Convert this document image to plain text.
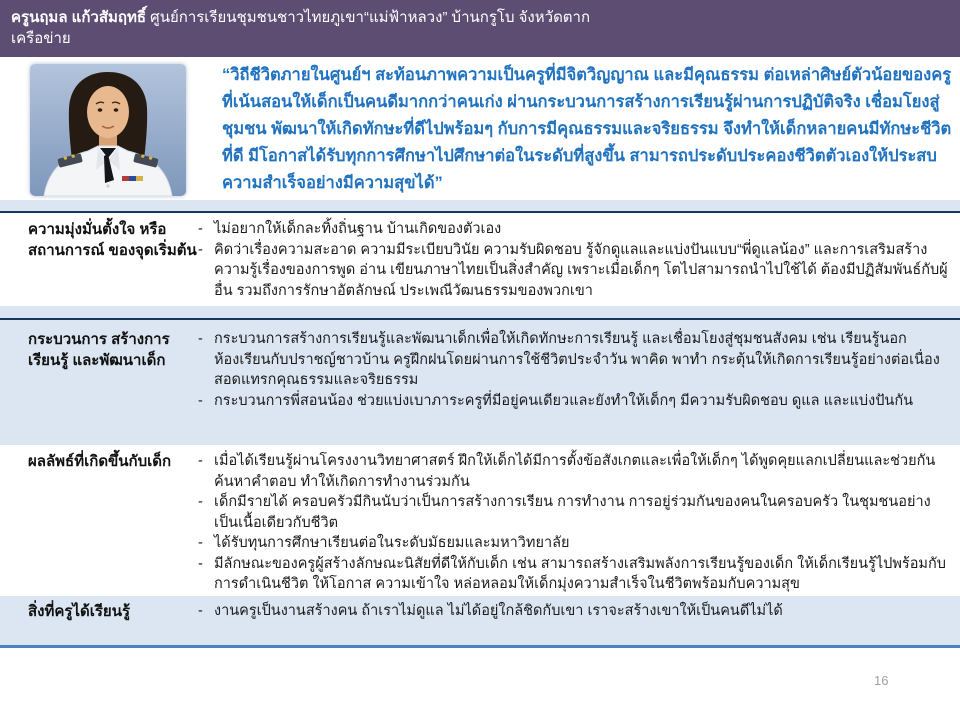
ครูนฤมล แก้วสัมฤทธิ์ ศูนย์การเรียนชุมชนชาวไทยภูเขา“แม่ฟ้าหลวง” บ้านกรูโบ จังหวัดตาก
เครือข่าย
“วิถีชีวิตภายในศูนย์ฯ สะท้อนภาพความเป็นครูที่มีจิตวิญญาณ และมีคุณธรรม ต่อเหล่าศิษย์ตัวน้อยของครู ที่เน้นสอนให้เด็กเป็นคนดีมากกว่าคนเก่ง ผ่านกระบวนการสร้างการเรียนรู้ผ่านการปฏิบัติจริง เชื่อมโยงสู่ชุมชน พัฒนาให้เกิดทักษะที่ดีไปพร้อมๆ กับการมีคุณธรรมและจริยธรรม จึงทำให้เด็กหลายคนมีทักษะชีวิตที่ดี มีโอกาสได้รับทุกการศึกษาไปศึกษาต่อในระดับที่สูงขึ้น สามารถประดับประคองชีวิตตัวเองให้ประสบความสำเร็จอย่างมีความสุขได้”
ความมุ่งมั่นตั้งใจ หรือสถานการณ์ ของจุดเริ่มต้น
- ไม่อยากให้เด็กละทิ้งถิ่นฐาน บ้านเกิดของตัวเอง
- คิดว่าเรื่องความสะอาด ความมีระเบียบวินัย ความรับผิดชอบ รู้จักดูแลและแบ่งปันแบบ“พี่ดูแลน้อง” และการเสริมสร้างความรู้เรื่องของการพูด อ่าน เขียนภาษาไทยเป็นสิ่งสำคัญ เพราะเมื่อเด็กๆ โตไปสามารถนำไปใช้ได้ ต้องมีปฏิสัมพันธ์กับผู้อื่น รวมถึงการรักษาอัตลักษณ์ ประเพณีวัฒนธรรมของพวกเขา
กระบวนการ สร้างการเรียนรู้ และพัฒนาเด็ก
- กระบวนการสร้างการเรียนรู้และพัฒนาเด็กเพื่อให้เกิดทักษะการเรียนรู้ และเชื่อมโยงสู่ชุมชนสังคม เช่น เรียนรู้นอกห้องเรียนกับปราชญ์ชาวบ้าน ครูฝึกฝนโดยผ่านการใช้ชีวิตประจำวัน พาคิด พาทำ กระตุ้นให้เกิดการเรียนรู้อย่างต่อเนื่อง สอดแทรกคุณธรรมและจริยธรรม
- กระบวนการพี่สอนน้อง ช่วยแบ่งเบาภาระครูที่มีอยู่คนเดียวและยังทำให้เด็กๆ มีความรับผิดชอบ ดูแล และแบ่งปันกัน
ผลลัพธ์ที่เกิดขึ้นกับเด็ก	- เมื่อได้เรียนรู้ผ่านโครงงานวิทยาศาสตร์ ฝึกให้เด็กได้มีการตั้งข้อสังเกตและเพื่อให้เด็กๆ ได้พูดคุยแลกเปลี่ยนและช่วยกันค้นหาคำตอบ ทำให้เกิดการทำงานร่วมกัน
- เด็กมีรายได้ ครอบครัวมีกินนับว่าเป็นการสร้างการเรียน การทำงาน การอยู่ร่วมกันของคนในครอบครัว ในชุมชนอย่างเป็นเนื้อเดียวกับชีวิต
- ได้รับทุนการศึกษาเรียนต่อในระดับมัธยมและมหาวิทยาลัย
- มีลักษณะของครูผู้สร้างลักษณะนิสัยที่ดีให้กับเด็ก เช่น สามารถสร้างเสริมพลังการเรียนรู้ของเด็ก ให้เด็กเรียนรู้ไปพร้อมกับการดำเนินชีวิต ให้โอกาส ความเข้าใจ หล่อหลอมให้เด็กมุ่งความสำเร็จในชีวิตพร้อมกับความสุข
สิ่งที่ครูได้เรียนรู้	- งานครูเป็นงานสร้างคน ถ้าเราไม่ดูแล ไม่ได้อยู่ใกล้ชิดกับเขา เราจะสร้างเขาให้เป็นคนดีไม่ได้
16
